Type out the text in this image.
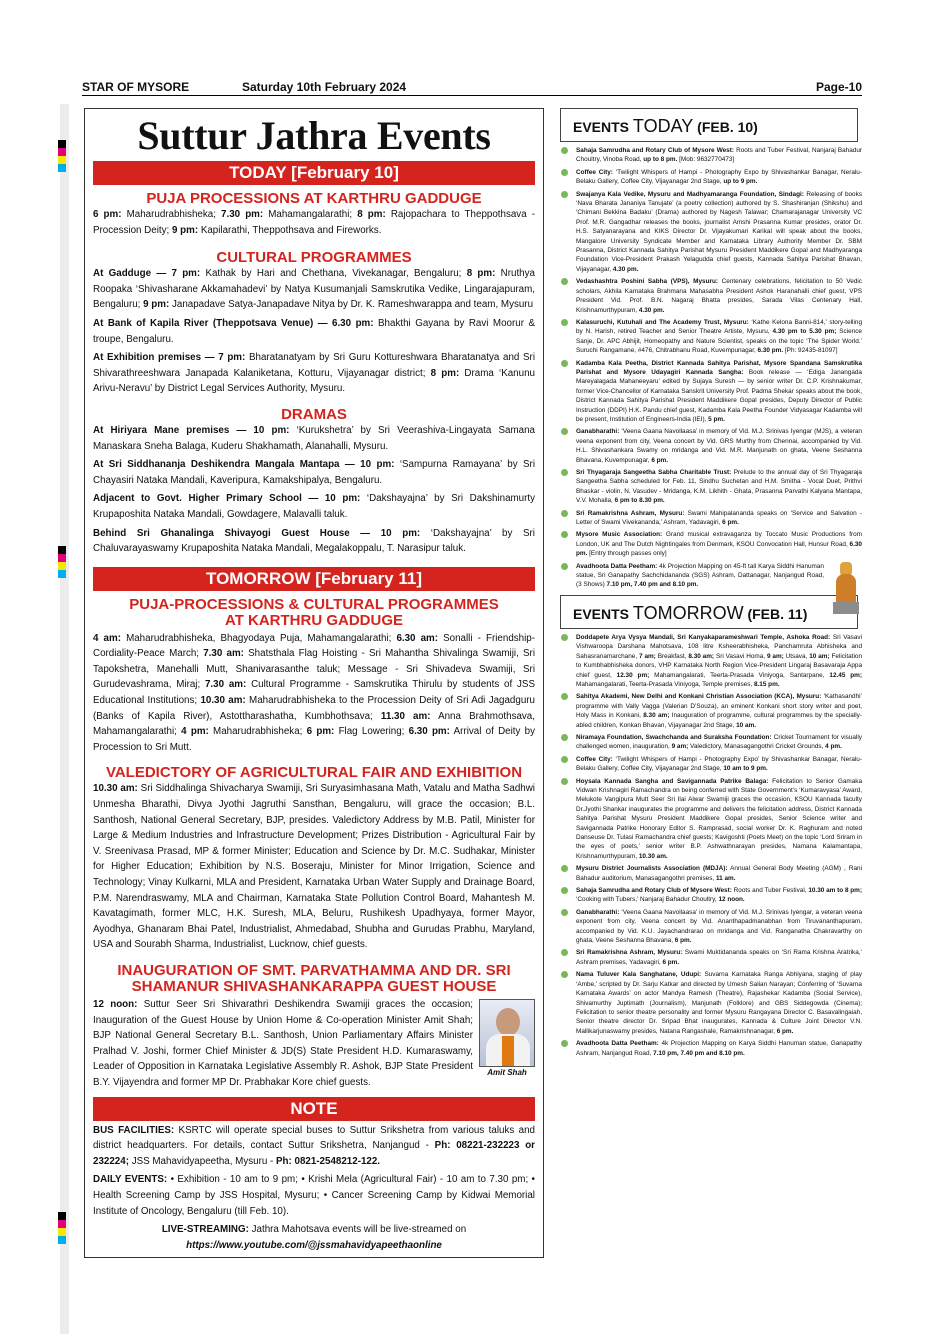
STAR OF MYSORE	Saturday 10th February 2024	Page-10
Suttur Jathra Events
TODAY [February 10]
PUJA PROCESSIONS AT KARTHRU GADDUGE
6 pm: Maharudrabhisheka; 7.30 pm: Mahamangalarathi; 8 pm: Rajopachara to Theppothsava - Procession Deity; 9 pm: Kapilarathi, Theppothsava and Fireworks.
CULTURAL PROGRAMMES
At Gadduge — 7 pm: Kathak by Hari and Chethana, Vivekanagar, Bengaluru; 8 pm: Nruthya Roopaka ‘Shivasharane Akkamahadevi’ by Natya Kusumanjali Samskrutika Vedike, Lingarajapuram, Bengaluru; 9 pm: Janapadave Satya-Janapadave Nitya by Dr. K. Rameshwarappa and team, Mysuru
At Bank of Kapila River (Theppotsava Venue) — 6.30 pm: Bhakthi Gayana by Ravi Moorur & troupe, Bengaluru.
At Exhibition premises — 7 pm: Bharatanatyam by Sri Guru Kottureshwara Bharatanatya and Sri Shivarathreeshwara Janapada Kalaniketana, Kotturu, Vijayanagar district; 8 pm: Drama ‘Kanunu Arivu-Neravu’ by District Legal Services Authority, Mysuru.
DRAMAS
At Hiriyara Mane premises — 10 pm: ‘Kurukshetra’ by Sri Veerashiva-Lingayata Samana Manaskara Sneha Balaga, Kuderu Shakhamath, Alanahalli, Mysuru.
At Sri Siddhananja Deshikendra Mangala Mantapa — 10 pm: ‘Sampurna Ramayana’ by Sri Chayasiri Nataka Mandali, Kaveripura, Kamakshipalya, Bengaluru.
Adjacent to Govt. Higher Primary School — 10 pm: ‘Dakshayajna’ by Sri Dakshinamurty Krupaposhita Nataka Mandali, Gowdagere, Malavalli taluk.
Behind Sri Ghanalinga Shivayogi Guest House — 10 pm: ‘Dakshayajna’ by Sri Chaluvarayaswamy Krupaposhita Nataka Mandali, Megalakoppalu, T. Narasipur taluk.
TOMORROW [February 11]
PUJA-PROCESSIONS & CULTURAL PROGRAMMES
AT KARTHRU GADDUGE
4 am: Maharudrabhisheka, Bhagyodaya Puja, Mahamangalarathi; 6.30 am: Sonalli - Friendship-Cordiality-Peace March; 7.30 am: Shatsthala Flag Hoisting - Sri Mahantha Shivalinga Swamiji, Sri Tapokshetra, Manehalli Mutt, Shanivarasanthe taluk; Message - Sri Shivadeva Swamiji, Sri Gurudevashrama, Miraj; 7.30 am: Cultural Programme - Samskrutika Thirulu by students of JSS Educational Institutions; 10.30 am: Maharudrabhisheka to the Procession Deity of Sri Adi Jagadguru (Banks of Kapila River), Astottharashatha, Kumbhothsava; 11.30 am: Anna Brahmothsava, Mahamangalarathi; 4 pm: Maharudrabhisheka; 6 pm: Flag Lowering; 6.30 pm: Arrival of Deity by Procession to Sri Mutt.
VALEDICTORY OF AGRICULTURAL FAIR AND EXHIBITION
10.30 am: Sri Siddhalinga Shivacharya Swamiji, Sri Suryasimhasana Math, Vatalu and Matha Sadhwi Unmesha Bharathi, Divya Jyothi Jagruthi Sansthan, Bengaluru, will grace the occasion; B.L. Santhosh, National General Secretary, BJP, presides. Valedictory Address by M.B. Patil, Minister for Large & Medium Industries and Infrastructure Development; Prizes Distribution - Agricultural Fair by V. Sreenivasa Prasad, MP & former Minister; Education and Science by Dr. M.C. Sudhakar, Minister for Higher Education; Exhibition by N.S. Boseraju, Minister for Minor Irrigation, Science and Technology; Vinay Kulkarni, MLA and President, Karnataka Urban Water Supply and Drainage Board, P.M. Narendraswamy, MLA and Chairman, Karnataka State Pollution Control Board, Mahantesh M. Kavatagimath, former MLC, H.K. Suresh, MLA, Beluru, Rushikesh Upadhyaya, former Mayor, Ayodhya, Ghanaram Bhai Patel, Industrialist, Ahmedabad, Shubha and Gurudas Prabhu, Maryland, USA and Sourabh Sharma, Industrialist, Lucknow, chief guests.
INAUGURATION OF SMT. PARVATHAMMA AND DR. SRI
SHAMANUR SHIVASHANKARAPPA GUEST HOUSE
Amit Shah
12 noon: Suttur Seer Sri Shivarathri Deshikendra Swamiji graces the occasion; Inauguration of the Guest House by Union Home & Co-operation Minister Amit Shah; BJP National General Secretary B.L. Santhosh, Union Parliamentary Affairs Minister Pralhad V. Joshi, former Chief Minister & JD(S) State President H.D. Kumaraswamy, Leader of Opposition in Karnataka Legislative Assembly R. Ashok, BJP State President B.Y. Vijayendra and former MP Dr. Prabhakar Kore chief guests.
NOTE
BUS FACILITIES: KSRTC will operate special buses to Suttur Srikshetra from various taluks and district headquarters. For details, contact Suttur Srikshetra, Nanjangud - Ph: 08221-232223 or 232224; JSS Mahavidyapeetha, Mysuru - Ph: 0821-2548212-122.
DAILY EVENTS: • Exhibition - 10 am to 9 pm; • Krishi Mela (Agricultural Fair) - 10 am to 7.30 pm; • Health Screening Camp by JSS Hospital, Mysuru; • Cancer Screening Camp by Kidwai Memorial Institute of Oncology, Bengaluru (till Feb. 10).
LIVE-STREAMING: Jathra Mahotsava events will be live-streamed on
https://www.youtube.com/@jssmahavidyapeethaonline
EVENTS TODAY (FEB. 10)
Sahaja Samrudha and Rotary Club of Mysore West: Roots and Tuber Festival, Nanjaraj Bahadur Choultry, Vinoba Road, up to 8 pm. [Mob: 9632770473]
Coffee City: ‘Twilight Whispers of Hampi - Photography Expo by Shivashankar Banagar, Neralu-Belaku Gallery, Coffee City, Vijayanagar 2nd Stage, up to 9 pm.
Swajanya Kala Vedike, Mysuru and Madhyamaranga Foundation, Sindagi: Releasing of books ‘Nava Bharata Jananiya Tanujate’ (a poetry collection) authored by S. Shashiranjan (Shikshu) and ‘Chimani Bekkina Badaku’ (Drama) authored by Nagesh Talawar; Chamarajanagar University VC Prof. M.R. Gangadhar releases the books, journalist Amshi Prasanna Kumar presides, orator Dr. H.S. Satyanarayana and KIKS Director Dr. Vijayakumari Karikal will speak about the books, Mangalore University Syndicate Member and Karnataka Library Authority Member Dr. SBM Prasanna, District Kannada Sahitya Parishat Mysuru President Maddikere Gopal and Madhyaranga Foundation Vice-President Prakash Yelagudda chief guests, Kannada Sahitya Parishat Bhavan, Vijayanagar, 4.30 pm.
Vedashashtra Poshini Sabha (VPS), Mysuru: Centenary celebrations, felicitation to 50 Vedic scholars, Akhila Karnataka Brahmana Mahasabha President Ashok Haranahalli chief guest, VPS President Vid. Prof. B.N. Nagaraj Bhatta presides, Sarada Vilas Centenary Hall, Krishnamurthypuram, 4.30 pm.
Kalasuruchi, Kutuhali and The Academy Trust, Mysuru: ‘Kathe Kelona Banni-814,’ story-telling by N. Harish, retired Teacher and Senior Theatre Artiste, Mysuru, 4.30 pm to 5.30 pm; Science Sanje, Dr. APC Abhijit, Homeopathy and Nature Scientist, speaks on the topic ‘The Spider World.’ Suruchi Rangamane, #476, Chitrabhanu Road, Kuvempunagar, 6.30 pm. [Ph: 92435-81097]
Kadamba Kala Peetha, District Kannada Sahitya Parishat, Mysore Spandana Samskrutika Parishat and Mysore Udayagiri Kannada Sangha: Book release — ‘Ediga Janangada Mareyalagada Mahaneeyaru’ edited by Sujaya Suresh — by senior writer Dr. C.P. Krishnakumar, former Vice-Chancellor of Karnataka Sanskrit University Prof. Padma Shekar speaks about the book, District Kannada Sahitya Parishat President Maddikere Gopal presides, Deputy Director of Public Instruction (DDPI) H.K. Pandu chief guest, Kadamba Kala Peetha Founder Vidyasagar Kadamba will be present, Institution of Engineers-India (IEI), 5 pm.
Ganabharathi: ‘Veena Gaana Navollaasa’ in memory of Vid. M.J. Srinivas Iyengar (MJS), a veteran veena exponent from city, Veena concert by Vid. GRS Murthy from Chennai, accompanied by Vid. H.L. Shivashankara Swamy on mridanga and Vid. M.R. Manjunath on ghata, Veene Seshanna Bhavana, Kuvempunagar, 6 pm.
Sri Thyagaraja Sangeetha Sabha Charitable Trust: Prelude to the annual day of Sri Thyagaraja Sangeetha Sabha scheduled for Feb. 11, Sindhu Suchetan and H.M. Smitha - Vocal Duet, Prithvi Bhaskar - violin, N. Vasudev - Mridanga, K.M. Likhith - Ghata, Prasanna Parvathi Kalyana Mantapa, V.V. Mohalla, 6 pm to 8.30 pm.
Sri Ramakrishna Ashram, Mysuru: Swami Mahipalananda speaks on ‘Service and Salvation - Letter of Swami Vivekananda,’ Ashram, Yadavagiri, 6 pm.
Mysore Music Association: Grand musical extravaganza by Toccato Music Productions from London, UK and The Dutch Nightingales from Denmark, KSOU Convocation Hall, Hunsur Road, 6.30 pm. [Entry through passes only]
Avadhoota Datta Peetham: 4k Projection Mapping on 45-ft tall Karya Siddhi Hanuman statue, Sri Ganapathy Sachchidananda (SGS) Ashram, Dattanagar, Nanjangud Road, (3 Shows) 7.10 pm, 7.40 pm and 8.10 pm.
EVENTS TOMORROW (FEB. 11)
Doddapete Arya Vysya Mandali, Sri Kanyakaparameshwari Temple, Ashoka Road: Sri Vasavi Vishwaroopa Darshana Mahotsava, 108 litre Ksheerabhisheka, Panchamruta Abhisheka and Sahasranamarchane, 7 am; Breakfast, 8.30 am; Sri Vasavi Homa, 9 am; Utsava, 10 am; Felicitation to Kumbhabhisheka donors, VHP Karnataka North Region Vice-President Lingaraj Basavaraja Appa chief guest, 12.30 pm; Mahamangalarati, Teerta-Prasada Viniyoga, Santarpane, 12.45 pm; Mahamangalarati, Teerta-Prasada Viniyoga, Temple premises, 8.15 pm.
Sahitya Akademi, New Delhi and Konkani Christian Association (KCA), Mysuru: ‘Kathasandhi’ programme with Vally Vagga (Valerian D’Souza), an eminent Konkani short story writer and poet, Holy Mass in Konkani, 8.30 am; Inauguration of programme, cultural programmes by the specially-abled children, Konkan Bhavan, Vijayanagar 2nd Stage, 10 am.
Niramaya Foundation, Swachchanda and Suraksha Foundation: Cricket Tournament for visually challenged women, inauguration, 9 am; Valedictory, Manasagangothri Cricket Grounds, 4 pm.
Coffee City: ‘Twilight Whispers of Hampi - Photography Expo’ by Shivashankar Banagar, Neralu-Belaku Gallery, Coffee City, Vijayanagar 2nd Stage, 10 am to 9 pm.
Hoysala Kannada Sangha and Savigannada Patrike Balaga: Felicitation to Senior Gamaka Vidwan Krishnagiri Ramachandra on being conferred with State Government’s ‘Kumaravyasa’ Award, Melukote Vangipura Mutt Seer Sri Ilai Alwar Swamiji graces the occasion, KSOU Kannada faculty Dr.Jyothi Shankar inaugurates the programme and delivers the felicitation address, District Kannada Sahitya Parishat Mysuru President Maddikere Gopal presides, Senior Science writer and Savigannada Patrike Honorary Editor S. Ramprasad, social worker Dr. K. Raghuram and noted Danseuse Dr. Tulasi Ramachandra chief guests; Kavigoshti (Poets Meet) on the topic ‘Lord Sriram in the eyes of poets,’ senior writer B.P. Ashwathnarayan presides, Namana Kalamantapa, Krishnamurthypuram, 10.30 am.
Mysuru District Journalists Association (MDJA): Annual General Body Meeting (AGM) , Rani Bahadur auditorium, Manasagangothri premises, 11 am.
Sahaja Samrudha and Rotary Club of Mysore West: Roots and Tuber Festival, 10.30 am to 8 pm; ‘Cooking with Tubers,’ Nanjaraj Bahadur Choultry, 12 noon.
Ganabharathi: ‘Veena Gaana Navollaasa’ in memory of Vid. M.J. Srinivas Iyengar, a veteran veena exponent from city, Veena concert by Vid. Ananthapadmanabhan from Tiruvananthapuram, accompanied by Vid. K.U. Jayachandrarao on mridanga and Vid. Ranganatha Chakravarthy on ghata, Veene Seshanna Bhavana, 6 pm.
Sri Ramakrishna Ashram, Mysuru: Swami Muktidananda speaks on ‘Sri Rama Krishna Aratrika,’ Ashram premises, Yadavagiri, 6 pm.
Nama Tuluver Kala Sanghatane, Udupi: Suvarna Karnataka Ranga Abhiyana, staging of play ‘Ambe,’ scripted by Dr. Sarju Katkar and directed by Umesh Salian Narayan; Conferring of ‘Suvarna Karnataka Awards’ on actor Mandya Ramesh (Theatre), Rajashekar Kadamba (Social Service), Shivamurthy Juptimath (Journalism), Manjunath (Folklore) and GBS Siddegowda (Cinema); Felicitation to senior theatre personality and former Mysuru Rangayana Director C. Basavalingaiah, Senior theatre director Dr. Sripad Bhat inaugurates, Kannada & Culture Joint Director V.N. Mallikarjunaswamy presides, Natana Rangashale, Ramakrishnanagar, 6 pm.
Avadhoota Datta Peetham: 4k Projection Mapping on Karya Siddhi Hanuman statue, Ganapathy Ashram, Nanjangud Road, 7.10 pm, 7.40 pm and 8.10 pm.
